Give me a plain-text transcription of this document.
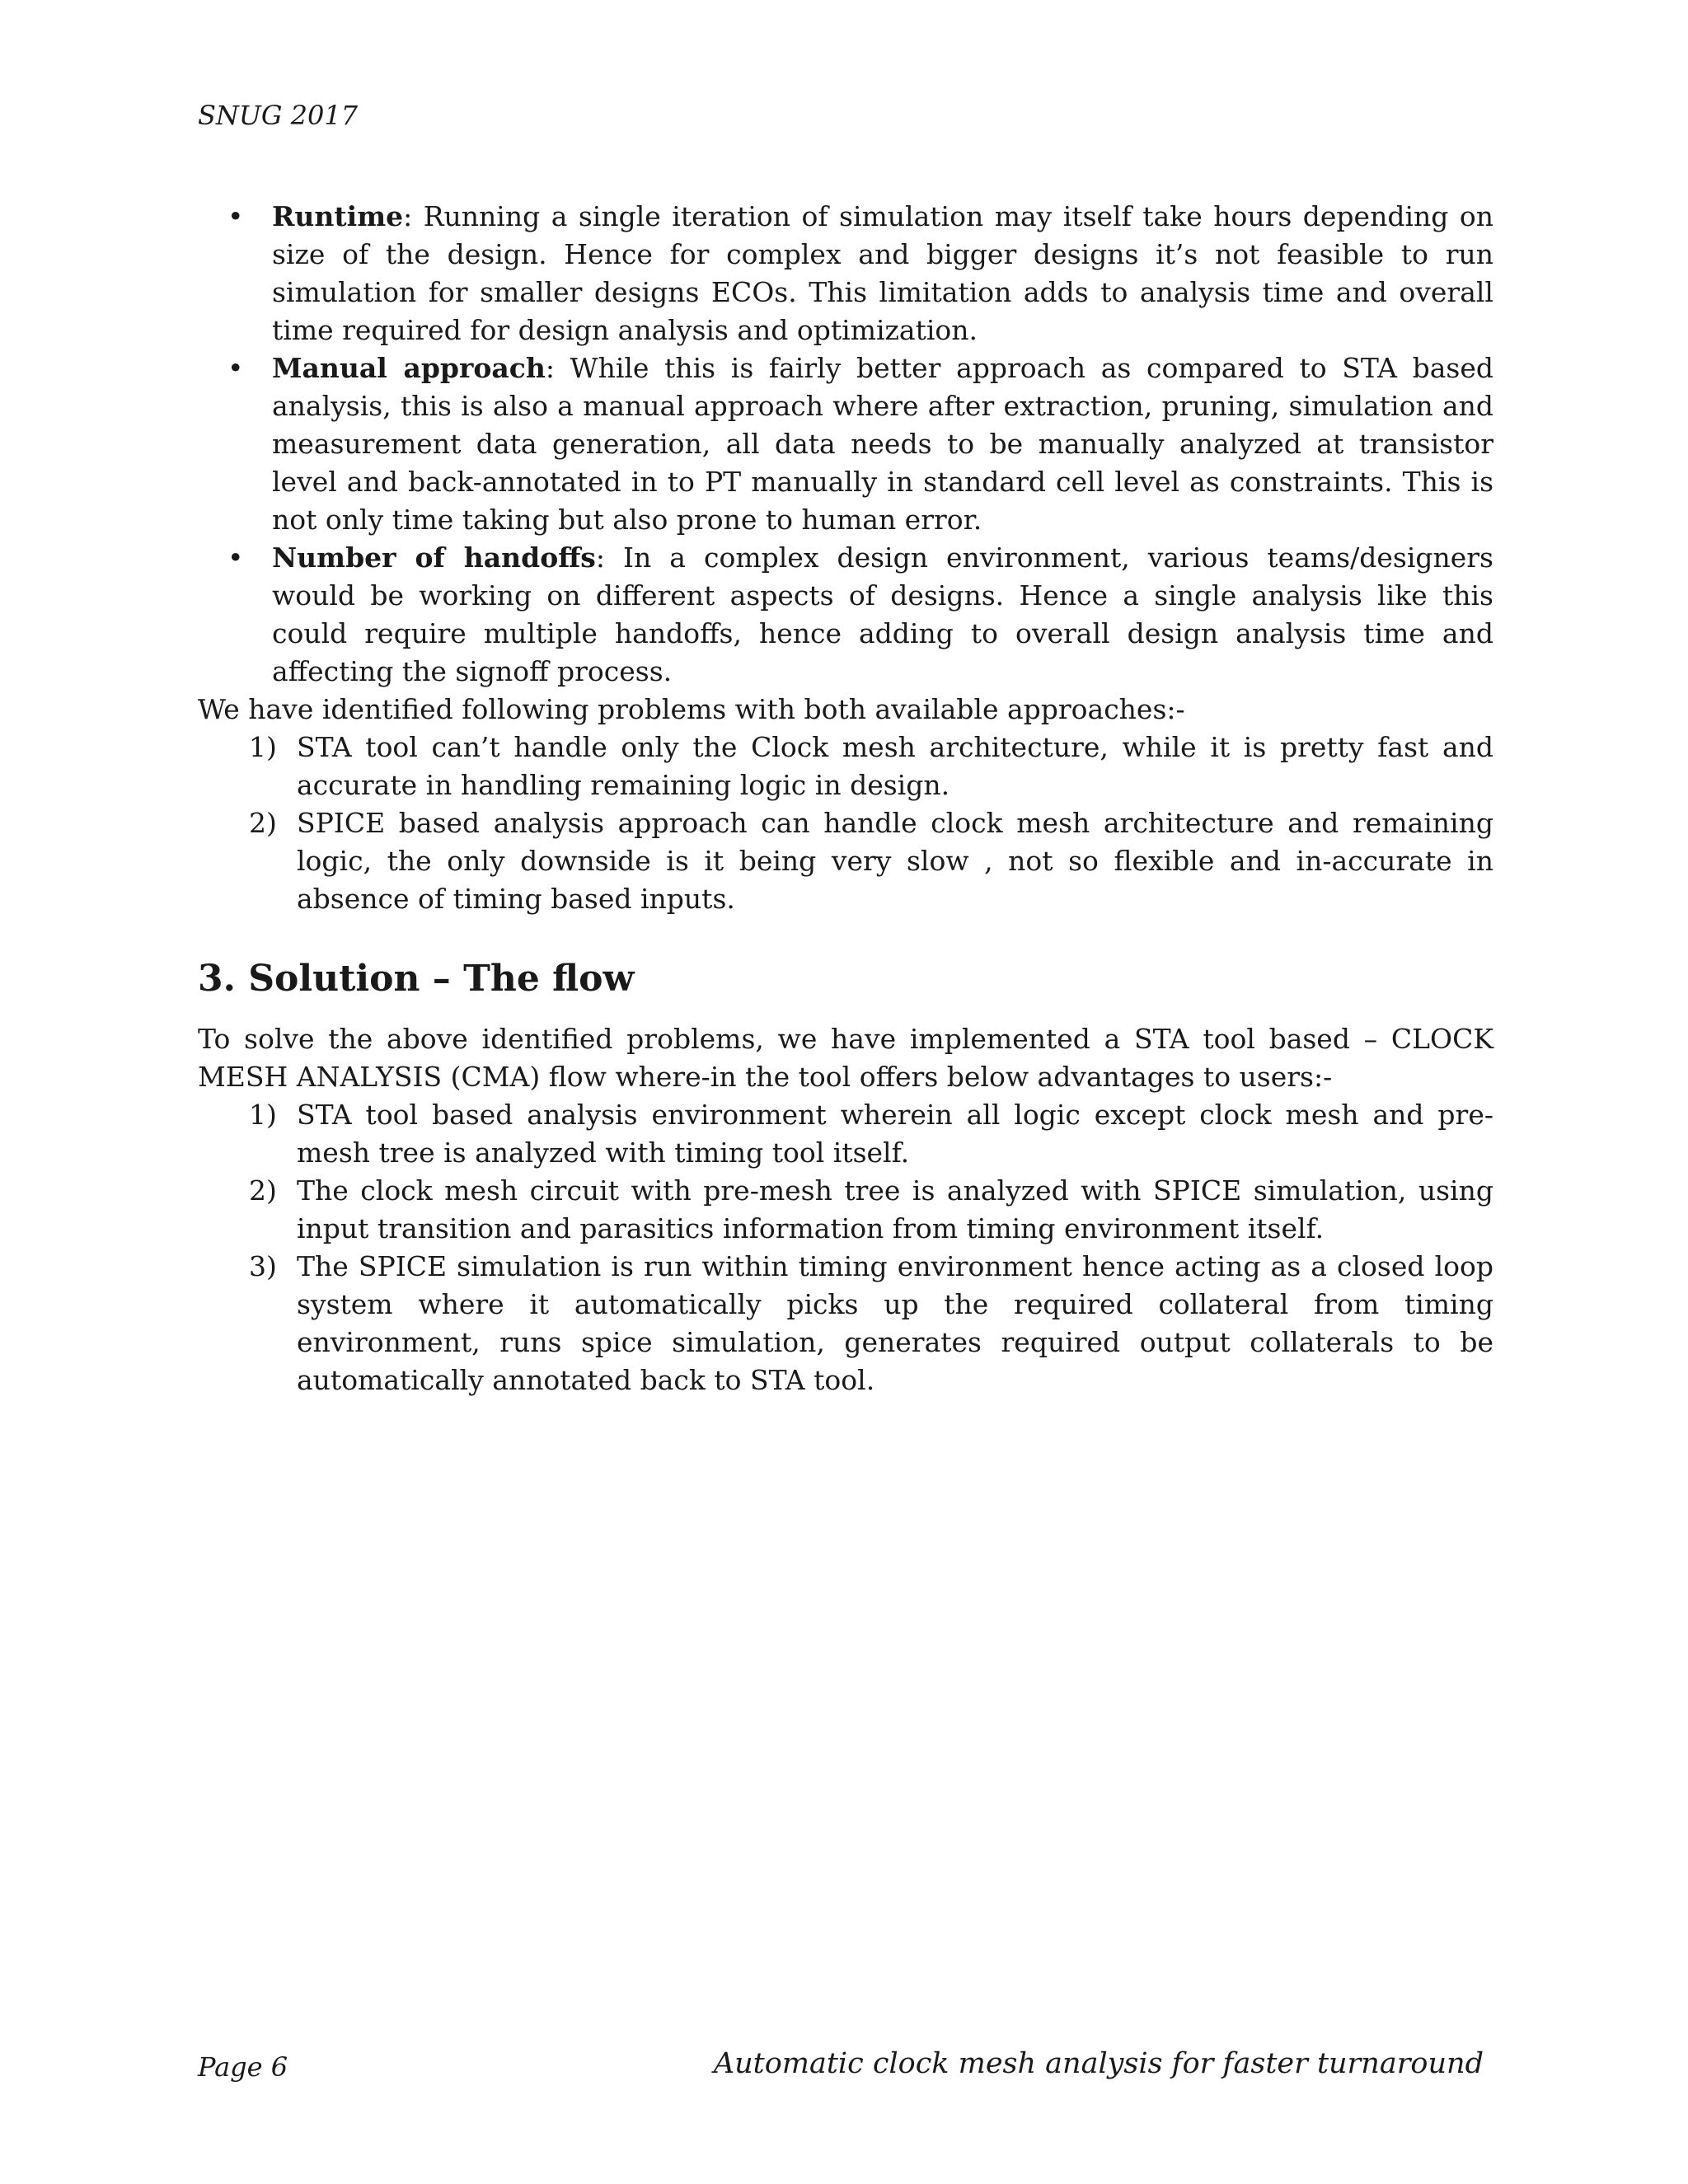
SNUG 2017
• Runtime: Running a single iteration of simulation may itself take hours depending on size of the design. Hence for complex and bigger designs it’s not feasible to run simulation for smaller designs ECOs. This limitation adds to analysis time and overall time required for design analysis and optimization.
• Manual approach: While this is fairly better approach as compared to STA based analysis, this is also a manual approach where after extraction, pruning, simulation and measurement data generation, all data needs to be manually analyzed at transistor level and back-annotated in to PT manually in standard cell level as constraints. This is not only time taking but also prone to human error.
• Number of handoffs: In a complex design environment, various teams/designers would be working on different aspects of designs. Hence a single analysis like this could require multiple handoffs, hence adding to overall design analysis time and affecting the signoff process.

We have identified following problems with both available approaches:-

1) STA tool can’t handle only the Clock mesh architecture, while it is pretty fast and accurate in handling remaining logic in design.
2) SPICE based analysis approach can handle clock mesh architecture and remaining logic, the only downside is it being very slow , not so flexible and in-accurate in absence of timing based inputs.
3. Solution – The flow

To solve the above identified problems, we have implemented a STA tool based – CLOCK MESH ANALYSIS (CMA) flow where-in the tool offers below advantages to users:-

1) STA tool based analysis environment wherein all logic except clock mesh and pre-mesh tree is analyzed with timing tool itself.
2) The clock mesh circuit with pre-mesh tree is analyzed with SPICE simulation, using input transition and parasitics information from timing environment itself.
3) The SPICE simulation is run within timing environment hence acting as a closed loop system where it automatically picks up the required collateral from timing environment, runs spice simulation, generates required output collaterals to be automatically annotated back to STA tool.
Page 6	Automatic clock mesh analysis for faster turnaround
